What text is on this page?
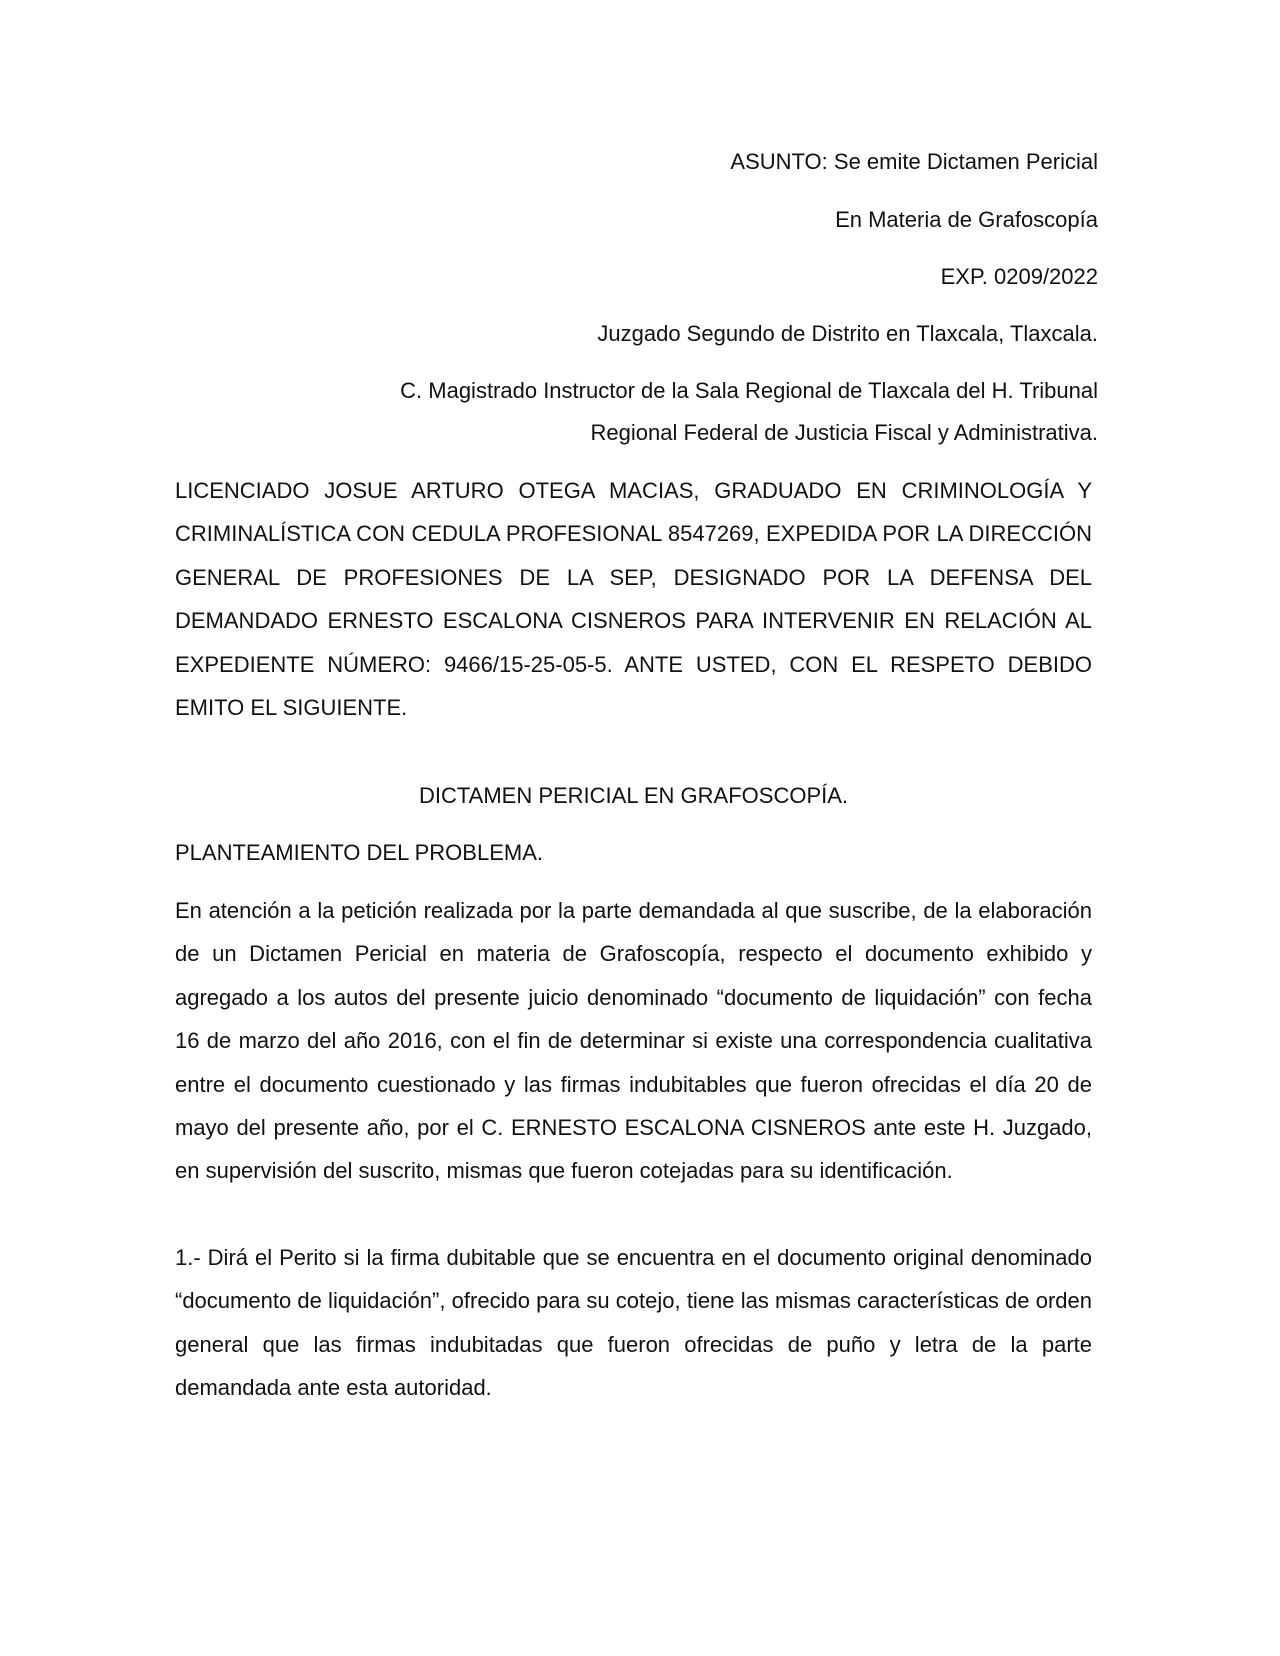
ASUNTO: Se emite Dictamen Pericial
En Materia de Grafoscopía
EXP. 0209/2022
Juzgado Segundo de Distrito en Tlaxcala, Tlaxcala.
C. Magistrado Instructor de la Sala Regional de Tlaxcala del H. Tribunal
Regional Federal de Justicia Fiscal y Administrativa.
LICENCIADO JOSUE ARTURO OTEGA MACIAS, GRADUADO EN CRIMINOLOGÍA Y CRIMINALÍSTICA CON CEDULA PROFESIONAL 8547269, EXPEDIDA POR LA DIRECCIÓN GENERAL DE PROFESIONES DE LA SEP, DESIGNADO POR LA DEFENSA DEL DEMANDADO ERNESTO ESCALONA CISNEROS PARA INTERVENIR EN RELACIÓN AL EXPEDIENTE NÚMERO: 9466/15-25-05-5. ANTE USTED, CON EL RESPETO DEBIDO EMITO EL SIGUIENTE.
DICTAMEN PERICIAL EN GRAFOSCOPÍA.
PLANTEAMIENTO DEL PROBLEMA.
En atención a la petición realizada por la parte demandada al que suscribe, de la elaboración de un Dictamen Pericial en materia de Grafoscopía, respecto el documento exhibido y agregado a los autos del presente juicio denominado “documento de liquidación” con fecha 16 de marzo del año 2016, con el fin de determinar si existe una correspondencia cualitativa entre el documento cuestionado y las firmas indubitables que fueron ofrecidas el día 20 de mayo del presente año, por el C. ERNESTO ESCALONA CISNEROS ante este H. Juzgado, en supervisión del suscrito, mismas que fueron cotejadas para su identificación.
1.- Dirá el Perito si la firma dubitable que se encuentra en el documento original denominado “documento de liquidación”, ofrecido para su cotejo, tiene las mismas características de orden general que las firmas indubitadas que fueron ofrecidas de puño y letra de la parte demandada ante esta autoridad.
